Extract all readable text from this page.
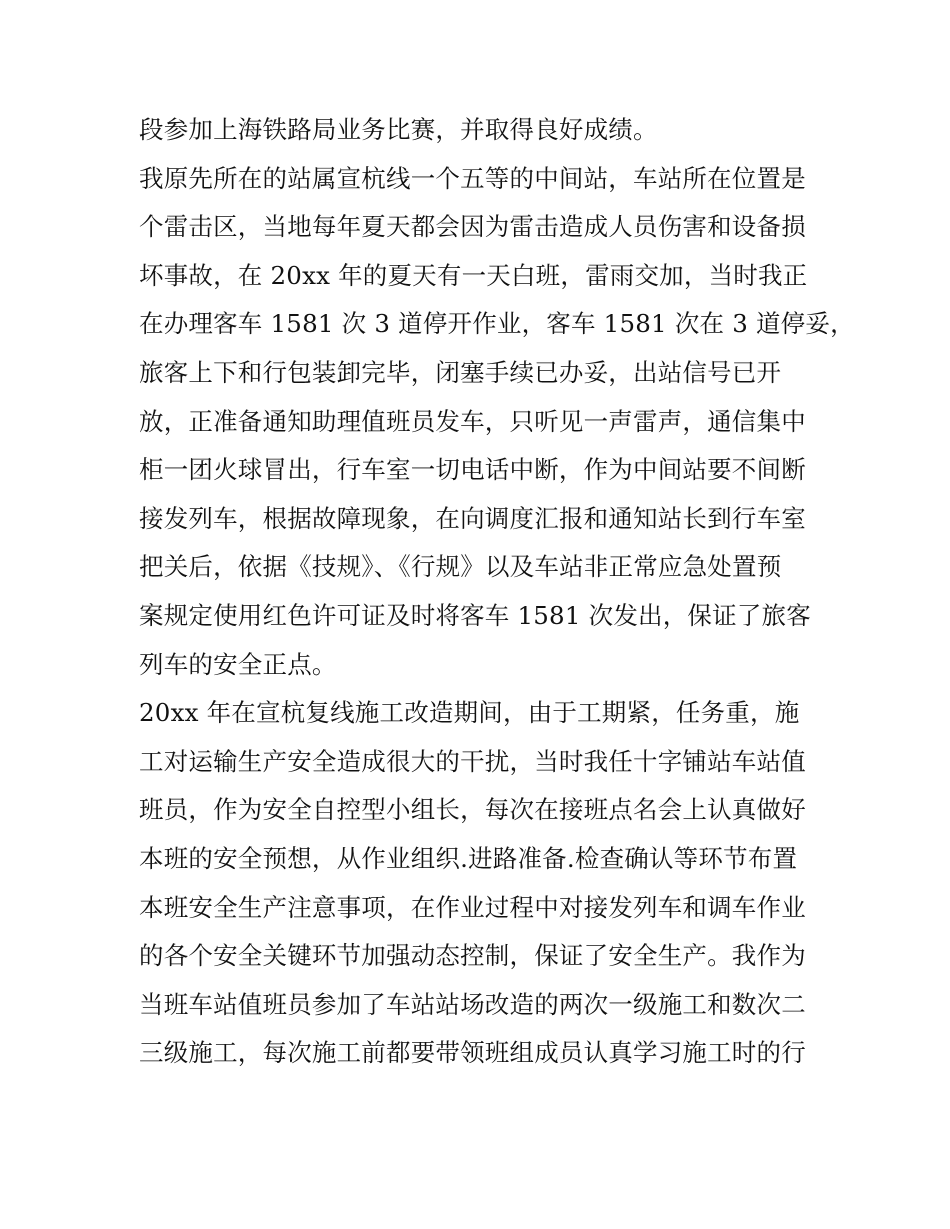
段参加上海铁路局业务比赛，并取得良好成绩。
我原先所在的站属宣杭线一个五等的中间站，车站所在位置是
个雷击区，当地每年夏天都会因为雷击造成人员伤害和设备损
坏事故，在 20xx 年的夏天有一天白班，雷雨交加，当时我正
在办理客车 1581 次 3 道停开作业，客车 1581 次在 3 道停妥，
旅客上下和行包装卸完毕，闭塞手续已办妥，出站信号已开
放，正准备通知助理值班员发车，只听见一声雷声，通信集中
柜一团火球冒出，行车室一切电话中断，作为中间站要不间断
接发列车，根据故障现象，在向调度汇报和通知站长到行车室
把关后，依据《技规》、《行规》以及车站非正常应急处置预
案规定使用红色许可证及时将客车 1581 次发出，保证了旅客
列车的安全正点。
20xx 年在宣杭复线施工改造期间，由于工期紧，任务重，施
工对运输生产安全造成很大的干扰，当时我任十字铺站车站值
班员，作为安全自控型小组长，每次在接班点名会上认真做好
本班的安全预想，从作业组织.进路准备.检查确认等环节布置
本班安全生产注意事项，在作业过程中对接发列车和调车作业
的各个安全关键环节加强动态控制，保证了安全生产。我作为
当班车站值班员参加了车站站场改造的两次一级施工和数次二
三级施工，每次施工前都要带领班组成员认真学习施工时的行
